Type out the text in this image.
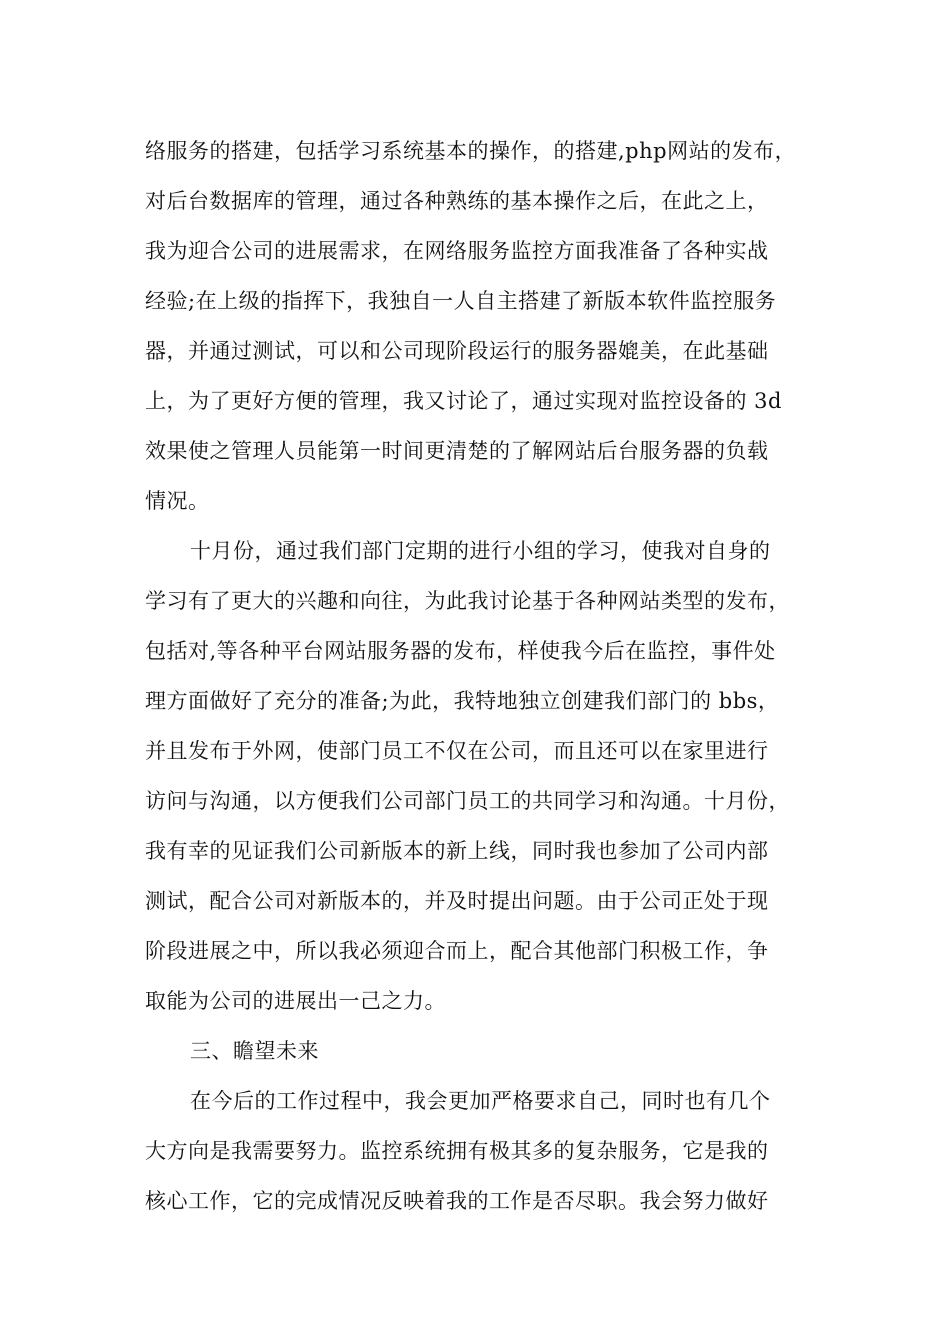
络服务的搭建，包括学习系统基本的操作，的搭建,php网站的发布，
对后台数据库的管理，通过各种熟练的基本操作之后，在此之上，
我为迎合公司的进展需求，在网络服务监控方面我准备了各种实战
经验;在上级的指挥下，我独自一人自主搭建了新版本软件监控服务
器，并通过测试，可以和公司现阶段运行的服务器媲美，在此基础
上，为了更好方便的管理，我又讨论了，通过实现对监控设备的 3d
效果使之管理人员能第一时间更清楚的了解网站后台服务器的负载
情况。
十月份，通过我们部门定期的进行小组的学习，使我对自身的
学习有了更大的兴趣和向往，为此我讨论基于各种网站类型的发布，
包括对,等各种平台网站服务器的发布，样使我今后在监控，事件处
理方面做好了充分的准备;为此，我特地独立创建我们部门的 bbs，
并且发布于外网，使部门员工不仅在公司，而且还可以在家里进行
访问与沟通，以方便我们公司部门员工的共同学习和沟通。十月份，
我有幸的见证我们公司新版本的新上线，同时我也参加了公司内部
测试，配合公司对新版本的，并及时提出问题。由于公司正处于现
阶段进展之中，所以我必须迎合而上，配合其他部门积极工作，争
取能为公司的进展出一己之力。
三、瞻望未来
在今后的工作过程中，我会更加严格要求自己，同时也有几个
大方向是我需要努力。监控系统拥有极其多的复杂服务，它是我的
核心工作，它的完成情况反映着我的工作是否尽职。我会努力做好
